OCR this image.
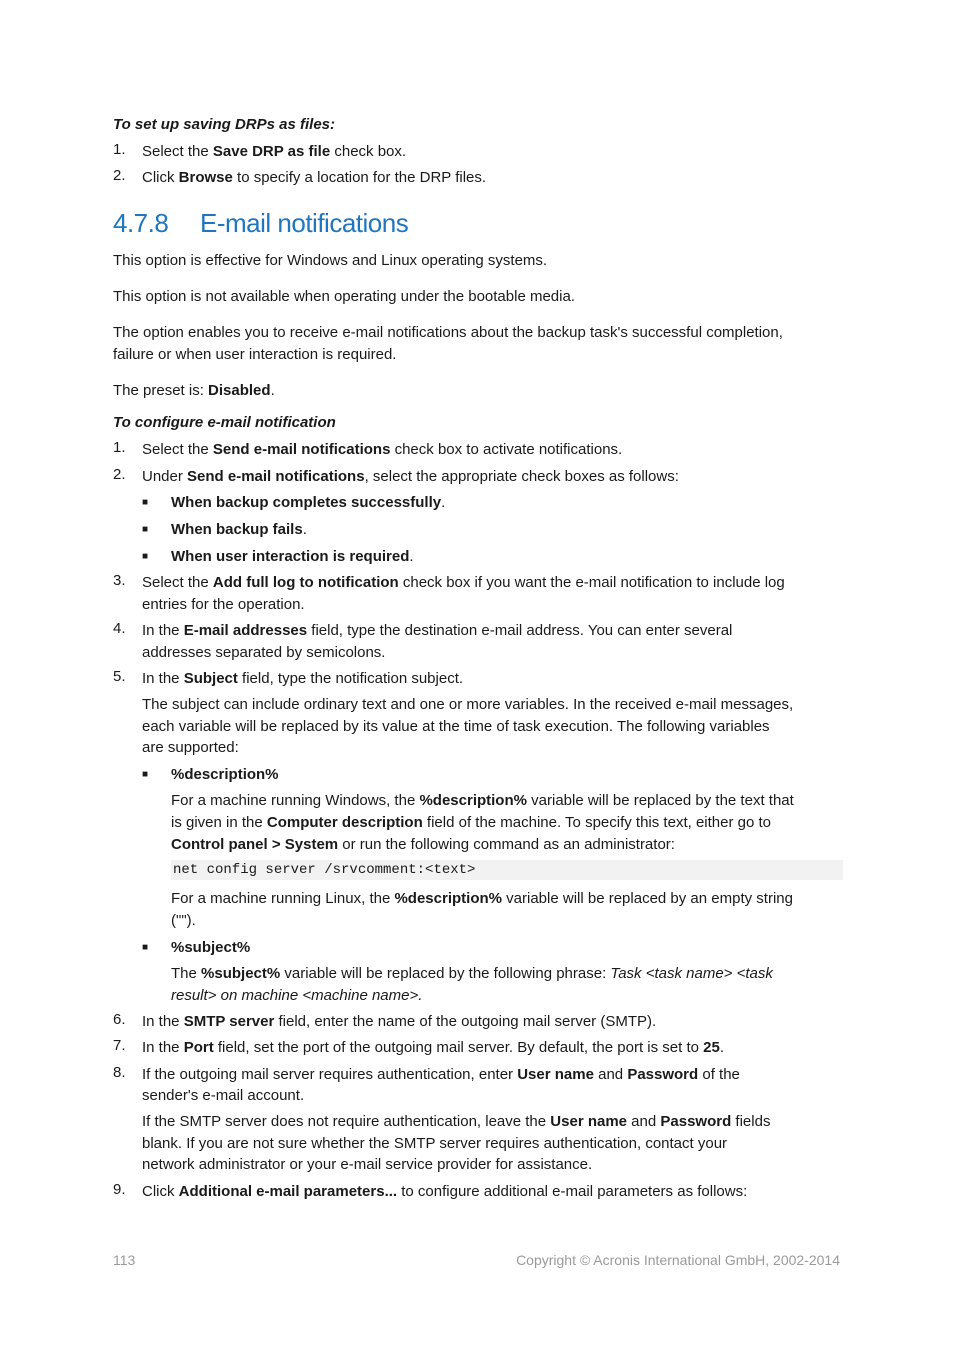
To set up saving DRPs as files:
1.	Select the Save DRP as file check box.
2.	Click Browse to specify a location for the DRP files.
4.7.8 E-mail notifications
This option is effective for Windows and Linux operating systems.
This option is not available when operating under the bootable media.
The option enables you to receive e-mail notifications about the backup task's successful completion,
failure or when user interaction is required.
The preset is: Disabled.
To configure e-mail notification
1.	Select the Send e-mail notifications check box to activate notifications.
2.	Under Send e-mail notifications, select the appropriate check boxes as follows:
■ When backup completes successfully.
■ When backup fails.
■ When user interaction is required.
3.	Select the Add full log to notification check box if you want the e-mail notification to include log
entries for the operation.
4.	In the E-mail addresses field, type the destination e-mail address. You can enter several
addresses separated by semicolons.
5.	In the Subject field, type the notification subject.
The subject can include ordinary text and one or more variables. In the received e-mail messages,
each variable will be replaced by its value at the time of task execution. The following variables
are supported:
■ %description%
For a machine running Windows, the %description% variable will be replaced by the text that
is given in the Computer description field of the machine. To specify this text, either go to
Control panel > System or run the following command as an administrator:
net config server /srvcomment:<text>
For a machine running Linux, the %description% variable will be replaced by an empty string
("").
■ %subject%
The %subject% variable will be replaced by the following phrase: Task <task name> <task
result> on machine <machine name>.
6.	In the SMTP server field, enter the name of the outgoing mail server (SMTP).
7.	In the Port field, set the port of the outgoing mail server. By default, the port is set to 25.
8.	If the outgoing mail server requires authentication, enter User name and Password of the
sender's e-mail account.
If the SMTP server does not require authentication, leave the User name and Password fields
blank. If you are not sure whether the SMTP server requires authentication, contact your
network administrator or your e-mail service provider for assistance.
9.	Click Additional e-mail parameters... to configure additional e-mail parameters as follows:
113	Copyright © Acronis International GmbH, 2002-2014
